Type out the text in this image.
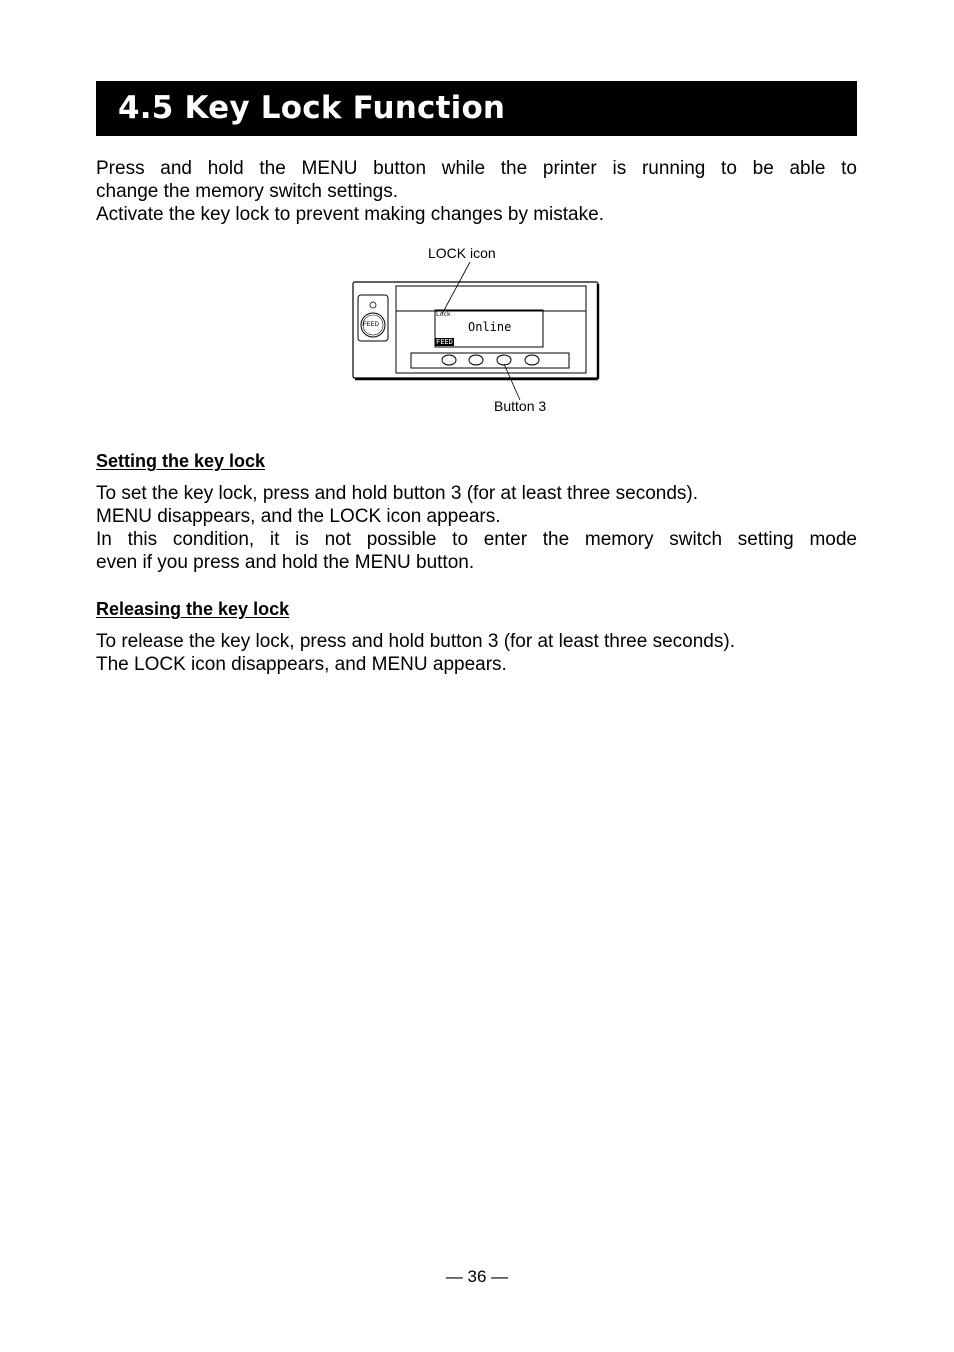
4.5 Key Lock Function
Press and hold the MENU button while the printer is running to be able to
change the memory switch settings.
Activate the key lock to prevent making changes by mistake.
LOCK icon
Button 3
FEED
Lock
Online
FEED
Setting the key lock
To set the key lock, press and hold button 3 (for at least three seconds).
MENU disappears, and the LOCK icon appears.
In this condition, it is not possible to enter the memory switch setting mode
even if you press and hold the MENU button.
Releasing the key lock
To release the key lock, press and hold button 3 (for at least three seconds).
The LOCK icon disappears, and MENU appears.
— 36 —
